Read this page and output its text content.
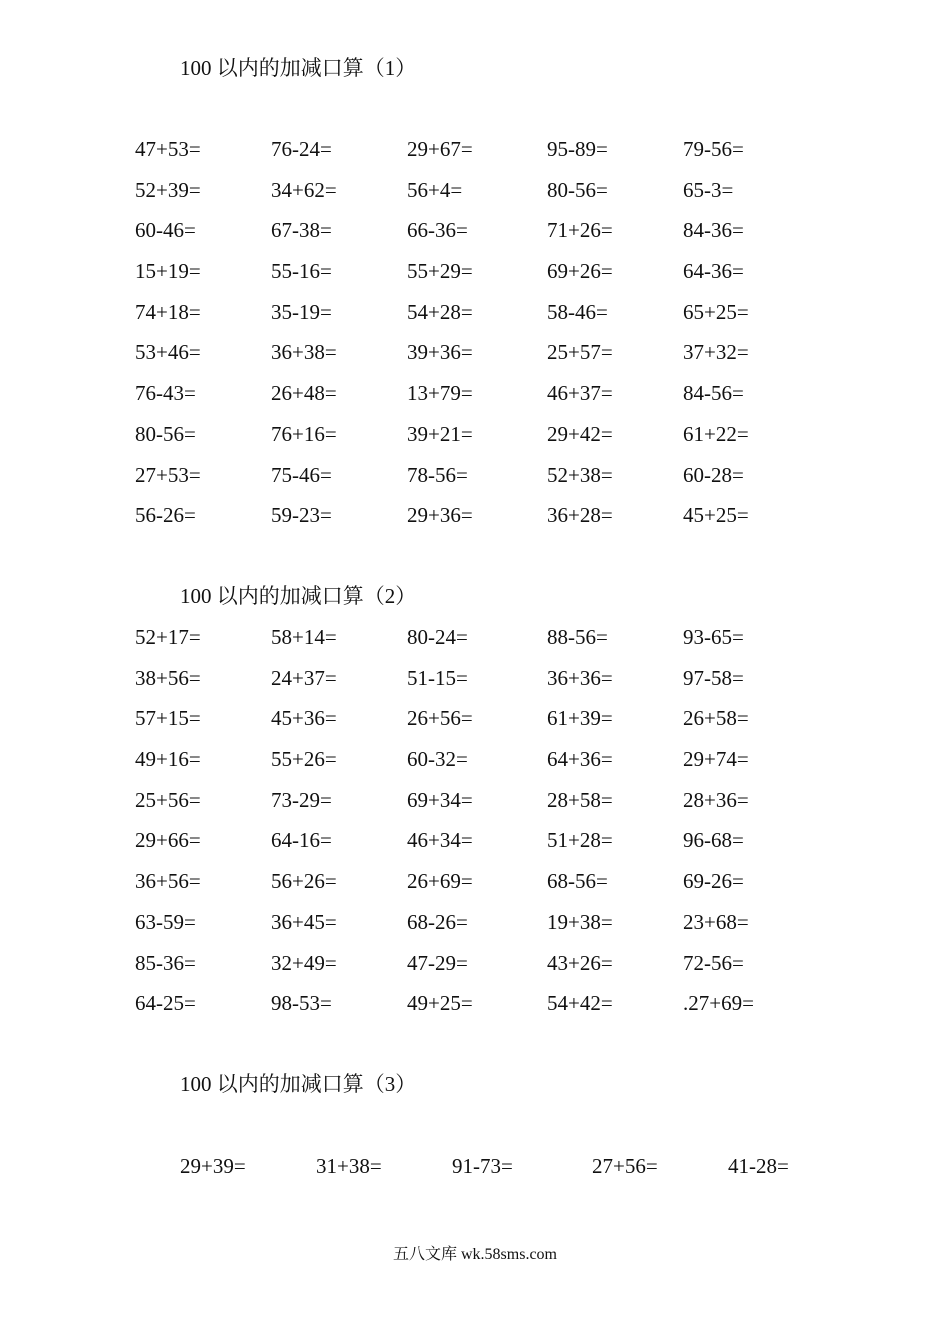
100 以内的加减口算（1）
47+53=	76-24=	29+67=	95-89=	79-56=
52+39=	34+62=	56+4=	80-56=	65-3=
60-46=	67-38=	66-36=	71+26=	84-36=
15+19=	55-16=	55+29=	69+26=	64-36=
74+18=	35-19=	54+28=	58-46=	65+25=
53+46=	36+38=	39+36=	25+57=	37+32=
76-43=	26+48=	13+79=	46+37=	84-56=
80-56=	76+16=	39+21=	29+42=	61+22=
27+53=	75-46=	78-56=	52+38=	60-28=
56-26=	59-23=	29+36=	36+28=	45+25=
100 以内的加减口算（2）
52+17=	58+14=	80-24=	88-56=	93-65=
38+56=	24+37=	51-15=	36+36=	97-58=
57+15=	45+36=	26+56=	61+39=	26+58=
49+16=	55+26=	60-32=	64+36=	29+74=
25+56=	73-29=	69+34=	28+58=	28+36=
29+66=	64-16=	46+34=	51+28=	96-68=
36+56=	56+26=	26+69=	68-56=	69-26=
63-59=	36+45=	68-26=	19+38=	23+68=
85-36=	32+49=	47-29=	43+26=	72-56=
64-25=	98-53=	49+25=	54+42=	.27+69=
100 以内的加减口算（3）
29+39=	31+38=	91-73=	27+56=	41-28=
五八文库 wk.58sms.com
